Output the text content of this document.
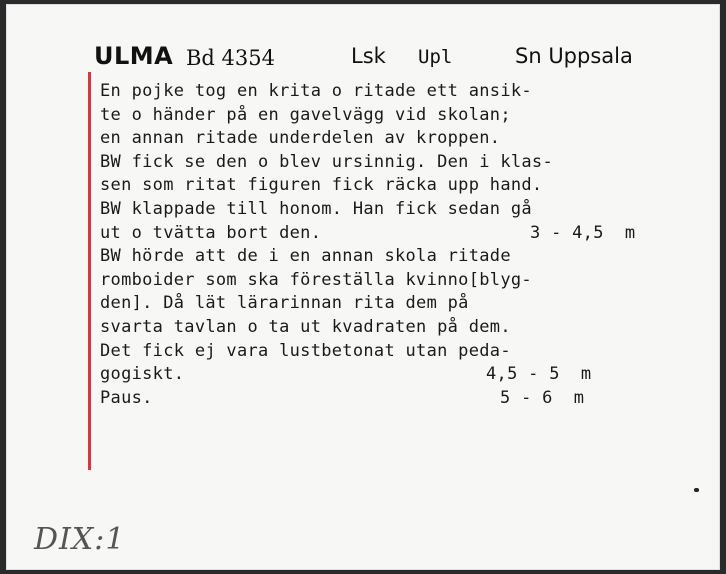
ULMA Bd 4354	Lsk Upl	Sn Uppsala
En pojke tog en krita o ritade ett ansik-
te o händer på en gavelvägg vid skolan;
en annan ritade underdelen av kroppen.
BW fick se den o blev ursinnig. Den i klas-
sen som ritat figuren fick räcka upp hand.
BW klappade till honom. Han fick sedan gå
ut o tvätta bort den.	3 - 4,5  m
BW hörde att de i en annan skola ritade
romboider som ska föreställa kvinno[blyg-
den]. Då lät lärarinnan rita dem på
svarta tavlan o ta ut kvadraten på dem.
Det fick ej vara lustbetonat utan peda-
gogiskt.	4,5 - 5  m
Paus.	5 - 6  m
DIX:1
